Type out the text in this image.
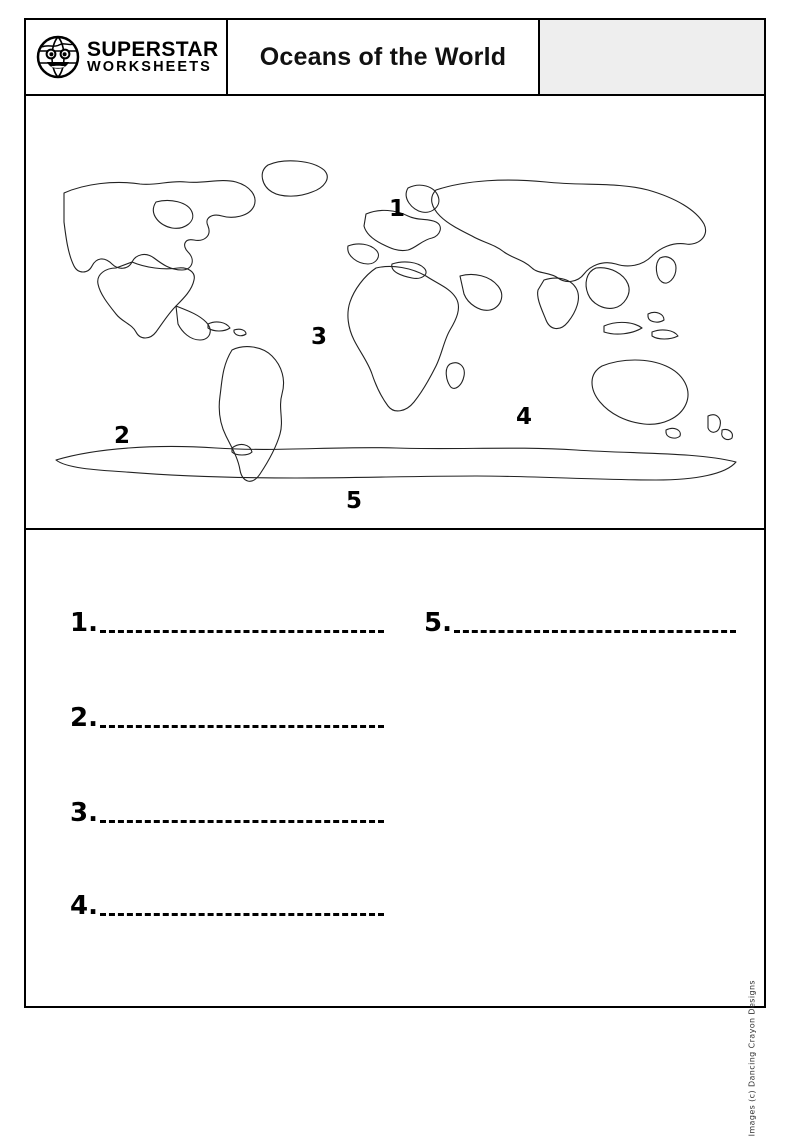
SUPERSTAR
WORKSHEETS Oceans of the World
1
3
2
4
5
1.
2.
3.
4.
5.
Images (c) Dancing Crayon Designs
